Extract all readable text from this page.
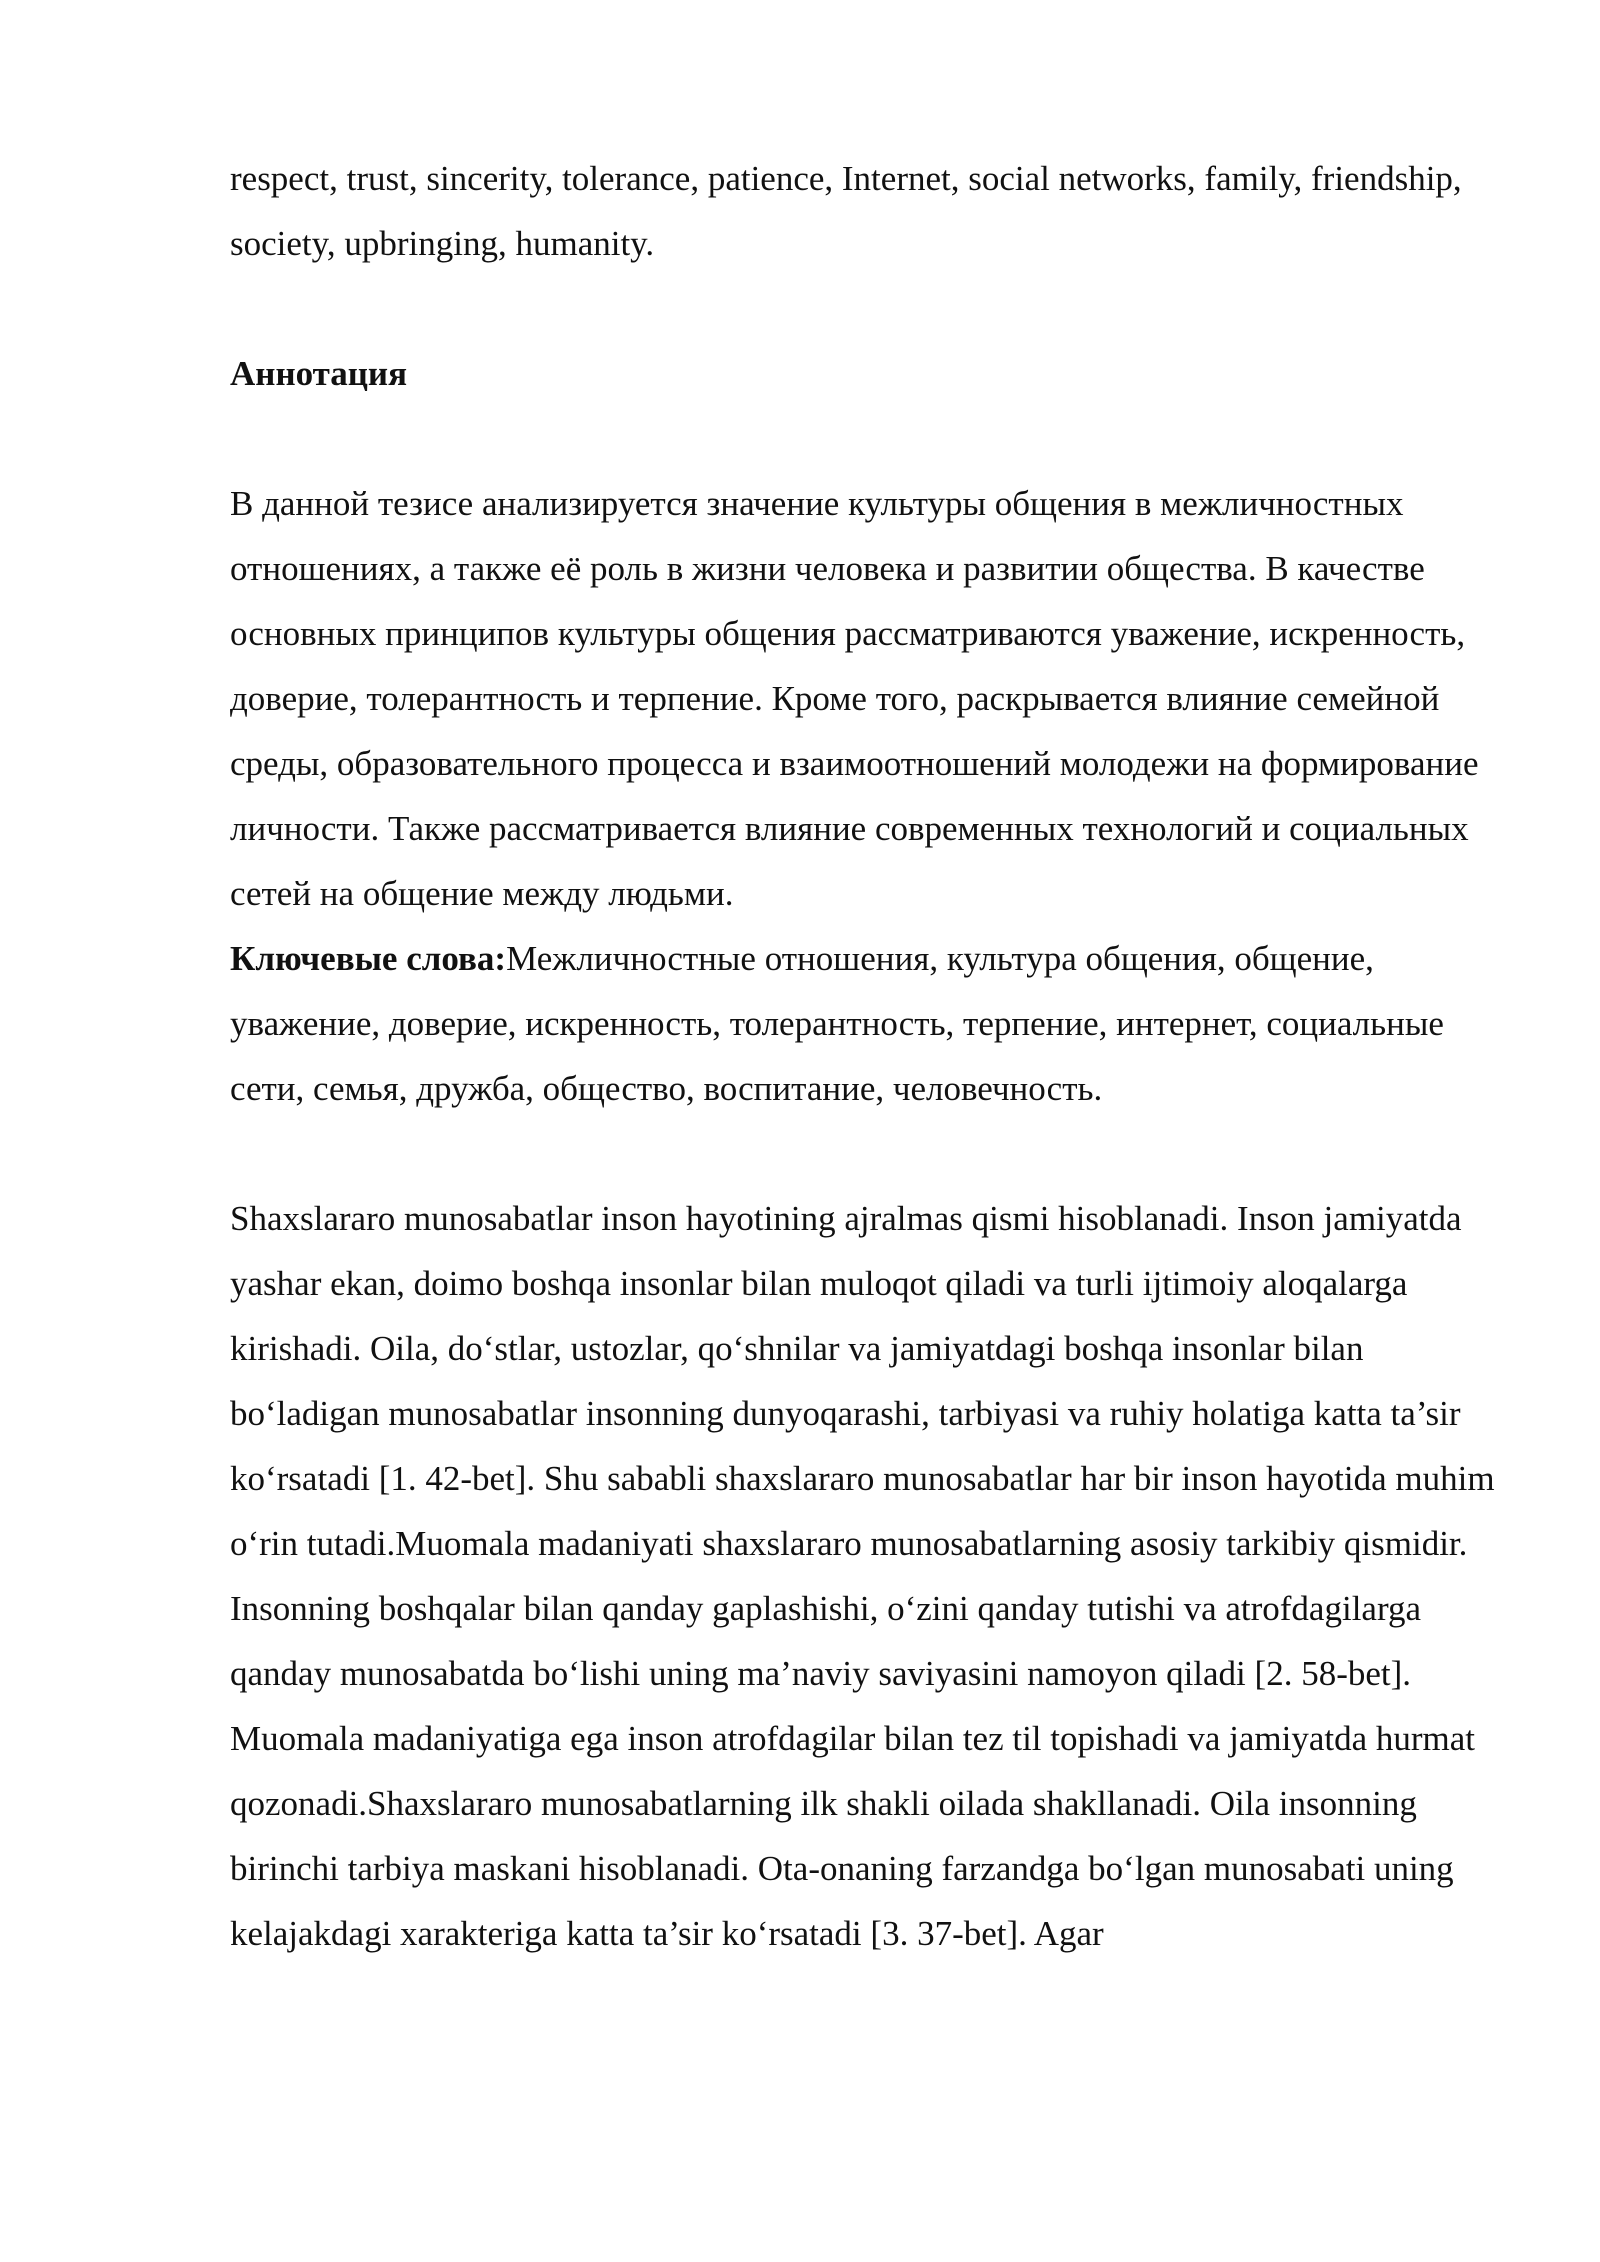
respect, trust, sincerity, tolerance, patience, Internet, social networks, family, friendship, society, upbringing, humanity.

Аннотация

В данной тезисе анализируется значение культуры общения в межличностных отношениях, а также её роль в жизни человека и развитии общества. В качестве основных принципов культуры общения рассматриваются уважение, искренность, доверие, толерантность и терпение. Кроме того, раскрывается влияние семейной среды, образовательного процесса и взаимоотношений молодежи на формирование личности. Также рассматривается влияние современных технологий и социальных сетей на общение между людьми.

Ключевые слова:Межличностные отношения, культура общения, общение, уважение, доверие, искренность, толерантность, терпение, интернет, социальные сети, семья, дружба, общество, воспитание, человечность.

Shaxslararo munosabatlar inson hayotining ajralmas qismi hisoblanadi. Inson jamiyatda yashar ekan, doimo boshqa insonlar bilan muloqot qiladi va turli ijtimoiy aloqalarga kirishadi. Oila, do‘stlar, ustozlar, qo‘shnilar va jamiyatdagi boshqa insonlar bilan bo‘ladigan munosabatlar insonning dunyoqarashi, tarbiyasi va ruhiy holatiga katta ta’sir ko‘rsatadi [1. 42-bet]. Shu sababli shaxslararo munosabatlar har bir inson hayotida muhim o‘rin tutadi.Muomala madaniyati shaxslararo munosabatlarning asosiy tarkibiy qismidir. Insonning boshqalar bilan qanday gaplashishi, o‘zini qanday tutishi va atrofdagilarga qanday munosabatda bo‘lishi uning ma’naviy saviyasini namoyon qiladi [2. 58-bet]. Muomala madaniyatiga ega inson atrofdagilar bilan tez til topishadi va jamiyatda hurmat qozonadi.Shaxslararo munosabatlarning ilk shakli oilada shakllanadi. Oila insonning birinchi tarbiya maskani hisoblanadi. Ota-onaning farzandga bo‘lgan munosabati uning kelajakdagi xarakteriga katta ta’sir ko‘rsatadi [3. 37-bet]. Agar
